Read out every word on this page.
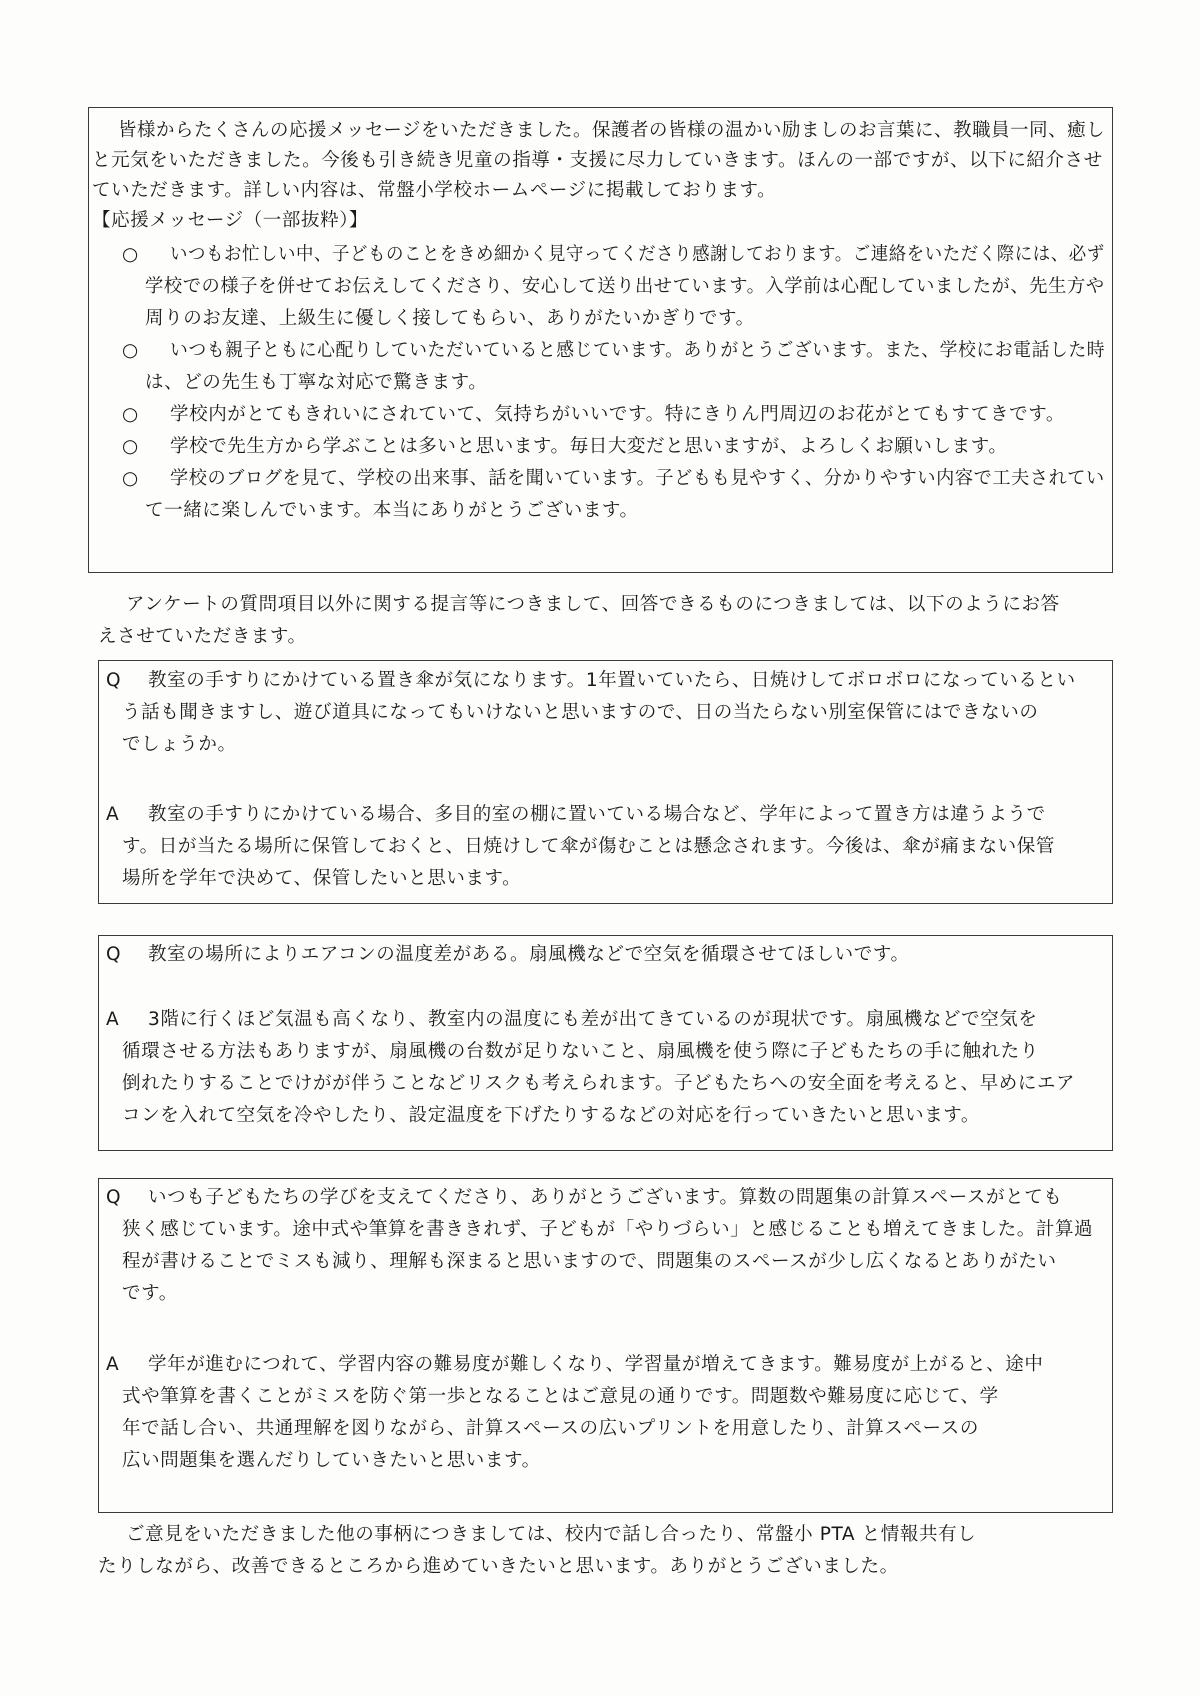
皆様からたくさんの応援メッセージをいただきました。保護者の皆様の温かい励ましのお言葉に、教職員一同、癒し
と元気をいただきました。今後も引き続き児童の指導・支援に尽力していきます。ほんの一部ですが、以下に紹介させ
ていただきます。詳しい内容は、常盤小学校ホームページに掲載しております。
【応援メッセージ（一部抜粋）】
○ いつもお忙しい中、子どものことをきめ細かく見守ってくださり感謝しております。ご連絡をいただく際には、必ず
学校での様子を併せてお伝えしてくださり、安心して送り出せています。入学前は心配していましたが、先生方や
周りのお友達、上級生に優しく接してもらい、ありがたいかぎりです。
○ いつも親子ともに心配りしていただいていると感じています。ありがとうございます。また、学校にお電話した時
は、どの先生も丁寧な対応で驚きます。
○ 学校内がとてもきれいにされていて、気持ちがいいです。特にきりん門周辺のお花がとてもすてきです。
○ 学校で先生方から学ぶことは多いと思います。毎日大変だと思いますが、よろしくお願いします。
○ 学校のブログを見て、学校の出来事、話を聞いています。子どもも見やすく、分かりやすい内容で工夫されてい
て一緒に楽しんでいます。本当にありがとうございます。
アンケートの質問項目以外に関する提言等につきまして、回答できるものにつきましては、以下のようにお答
えさせていただきます。
Q 教室の手すりにかけている置き傘が気になります。1年置いていたら、日焼けしてボロボロになっているとい
う話も聞きますし、遊び道具になってもいけないと思いますので、日の当たらない別室保管にはできないの
でしょうか。
A 教室の手すりにかけている場合、多目的室の棚に置いている場合など、学年によって置き方は違うようで
す。日が当たる場所に保管しておくと、日焼けして傘が傷むことは懸念されます。今後は、傘が痛まない保管
場所を学年で決めて、保管したいと思います。
Q 教室の場所によりエアコンの温度差がある。扇風機などで空気を循環させてほしいです。
A 3階に行くほど気温も高くなり、教室内の温度にも差が出てきているのが現状です。扇風機などで空気を
循環させる方法もありますが、扇風機の台数が足りないこと、扇風機を使う際に子どもたちの手に触れたり
倒れたりすることでけがが伴うことなどリスクも考えられます。子どもたちへの安全面を考えると、早めにエア
コンを入れて空気を冷やしたり、設定温度を下げたりするなどの対応を行っていきたいと思います。
Q いつも子どもたちの学びを支えてくださり、ありがとうございます。算数の問題集の計算スペースがとても
狭く感じています。途中式や筆算を書ききれず、子どもが「やりづらい」と感じることも増えてきました。計算過
程が書けることでミスも減り、理解も深まると思いますので、問題集のスペースが少し広くなるとありがたい
です。
A 学年が進むにつれて、学習内容の難易度が難しくなり、学習量が増えてきます。難易度が上がると、途中
式や筆算を書くことがミスを防ぐ第一歩となることはご意見の通りです。問題数や難易度に応じて、学
年で話し合い、共通理解を図りながら、計算スペースの広いプリントを用意したり、計算スペースの
広い問題集を選んだりしていきたいと思います。
ご意見をいただきました他の事柄につきましては、校内で話し合ったり、常盤小 PTA と情報共有し
たりしながら、改善できるところから進めていきたいと思います。ありがとうございました。
